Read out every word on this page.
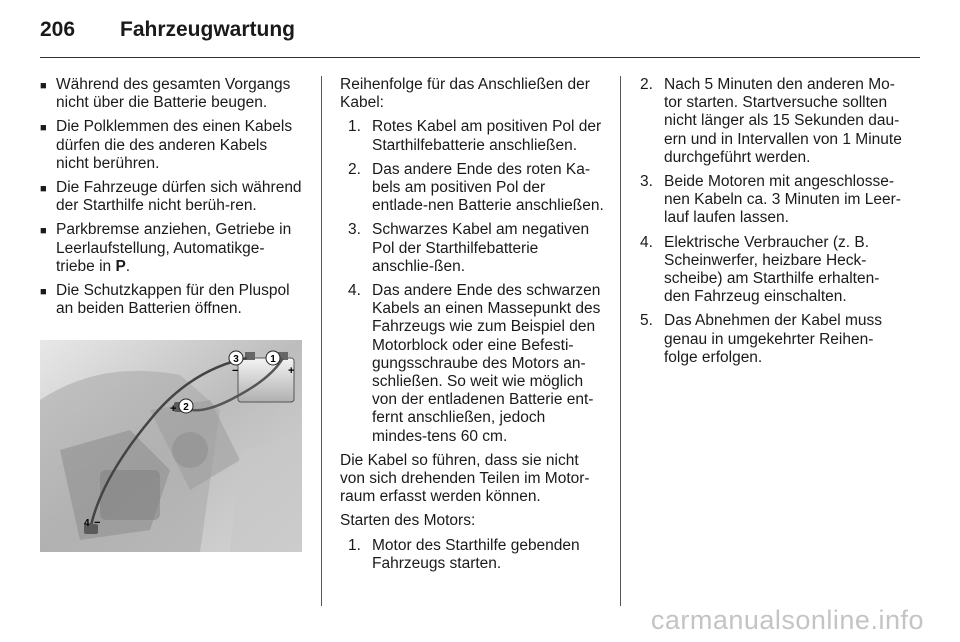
206	Fahrzeugwartung
■ Während des gesamten Vorgangs nicht über die Batterie beugen.
■ Die Polklemmen des einen Kabels dürfen die des anderen Kabels nicht berühren.
■ Die Fahrzeuge dürfen sich während der Starthilfe nicht berüh-ren.
■ Parkbremse anziehen, Getriebe in Leerlaufstellung, Automatikge-triebe in P.
■ Die Schutzkappen für den Pluspol an beiden Batterien öffnen.
1
+
2
+
3
−
4 −

Reihenfolge für das Anschließen der Kabel:

1. Rotes Kabel am positiven Pol der Starthilfebatterie anschließen.
2. Das andere Ende des roten Ka-bels am positiven Pol der entlade-nen Batterie anschließen.
3. Schwarzes Kabel am negativen Pol der Starthilfebatterie anschlie-ßen.
4. Das andere Ende des schwarzen Kabels an einen Massepunkt des Fahrzeugs wie zum Beispiel den Motorblock oder eine Befesti-gungsschraube des Motors an-schließen. So weit wie möglich von der entladenen Batterie ent-fernt anschließen, jedoch mindes-tens 60 cm.

Die Kabel so führen, dass sie nicht von sich drehenden Teilen im Motor-raum erfasst werden können.

Starten des Motors:

1. Motor des Starthilfe gebenden Fahrzeugs starten.
2. Nach 5 Minuten den anderen Mo-tor starten. Startversuche sollten nicht länger als 15 Sekunden dau-ern und in Intervallen von 1 Minute durchgeführt werden.
3. Beide Motoren mit angeschlosse-nen Kabeln ca. 3 Minuten im Leer-lauf laufen lassen.
4. Elektrische Verbraucher (z. B. Scheinwerfer, heizbare Heck-scheibe) am Starthilfe erhalten-den Fahrzeug einschalten.
5. Das Abnehmen der Kabel muss genau in umgekehrter Reihen-folge erfolgen.
carmanualsonline.info
